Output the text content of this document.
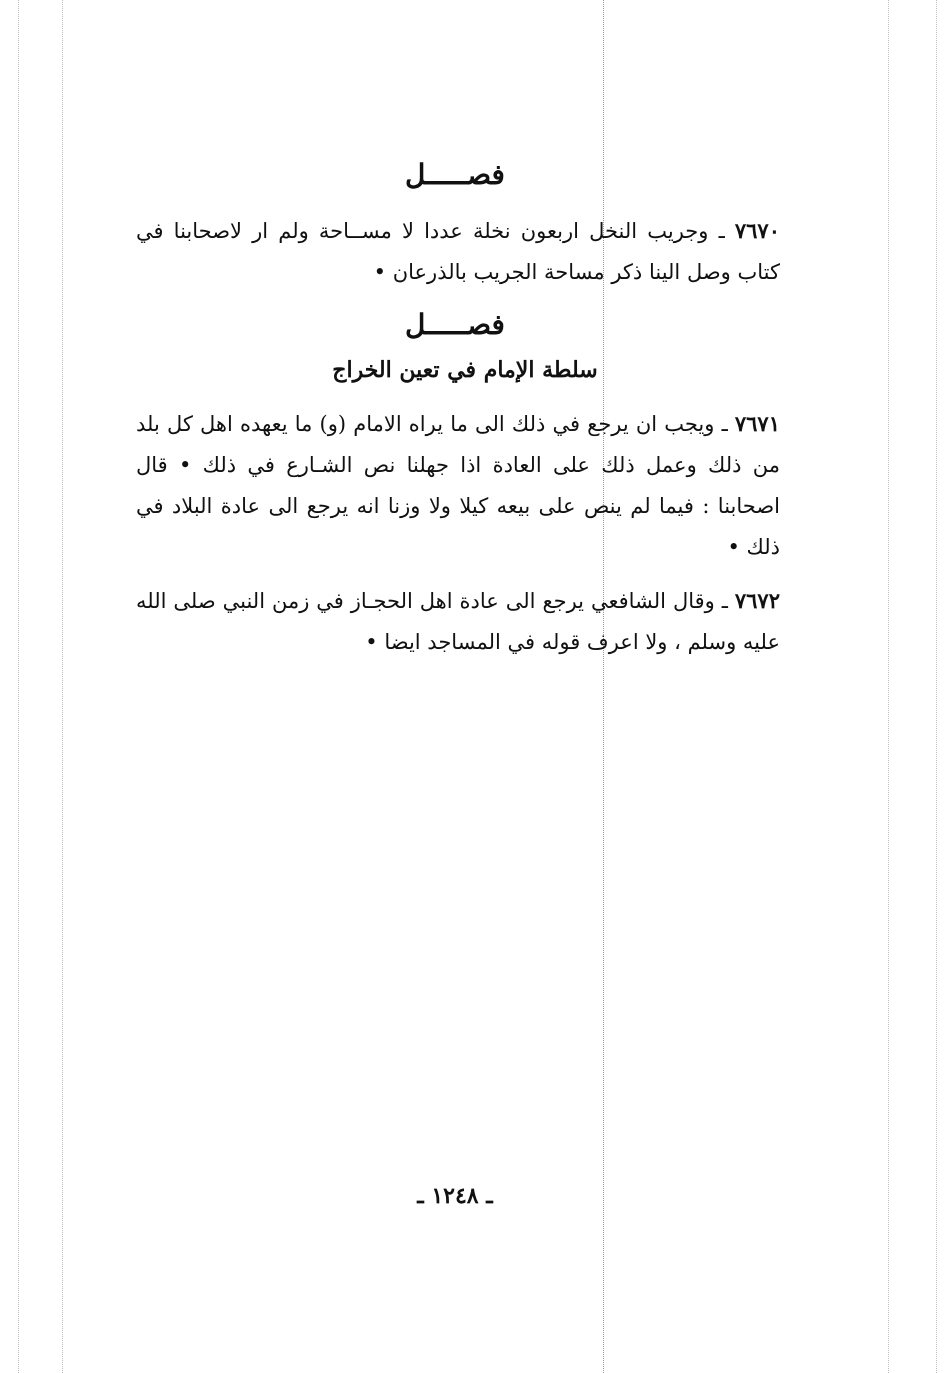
فصـــــل
٧٦٧٠ ـ وجريب النخل اربعون نخلة عددا لا مســاحة ولم ار لاصحابنا في كتاب وصل الينا ذكر مساحة الجريب بالذرعان •
فصـــــل
سلطة الإمام في تعين الخراج
٧٦٧١ ـ ويجب ان يرجع في ذلك الى ما يراه الامام (و) ما يعهده اهل كل بلد من ذلك وعمل ذلك على العادة اذا جهلنا نص الشـارع في ذلك • قال اصحابنا : فيما لم ينص على بيعه كيلا ولا وزنا انه يرجع الى عادة البلاد في ذلك •
٧٦٧٢ ـ وقال الشافعي يرجع الى عادة اهل الحجـاز في زمن النبي صلى الله عليه وسلم ، ولا اعرف قوله في المساجد ايضا •
ـ ١٢٤٨ ـ
